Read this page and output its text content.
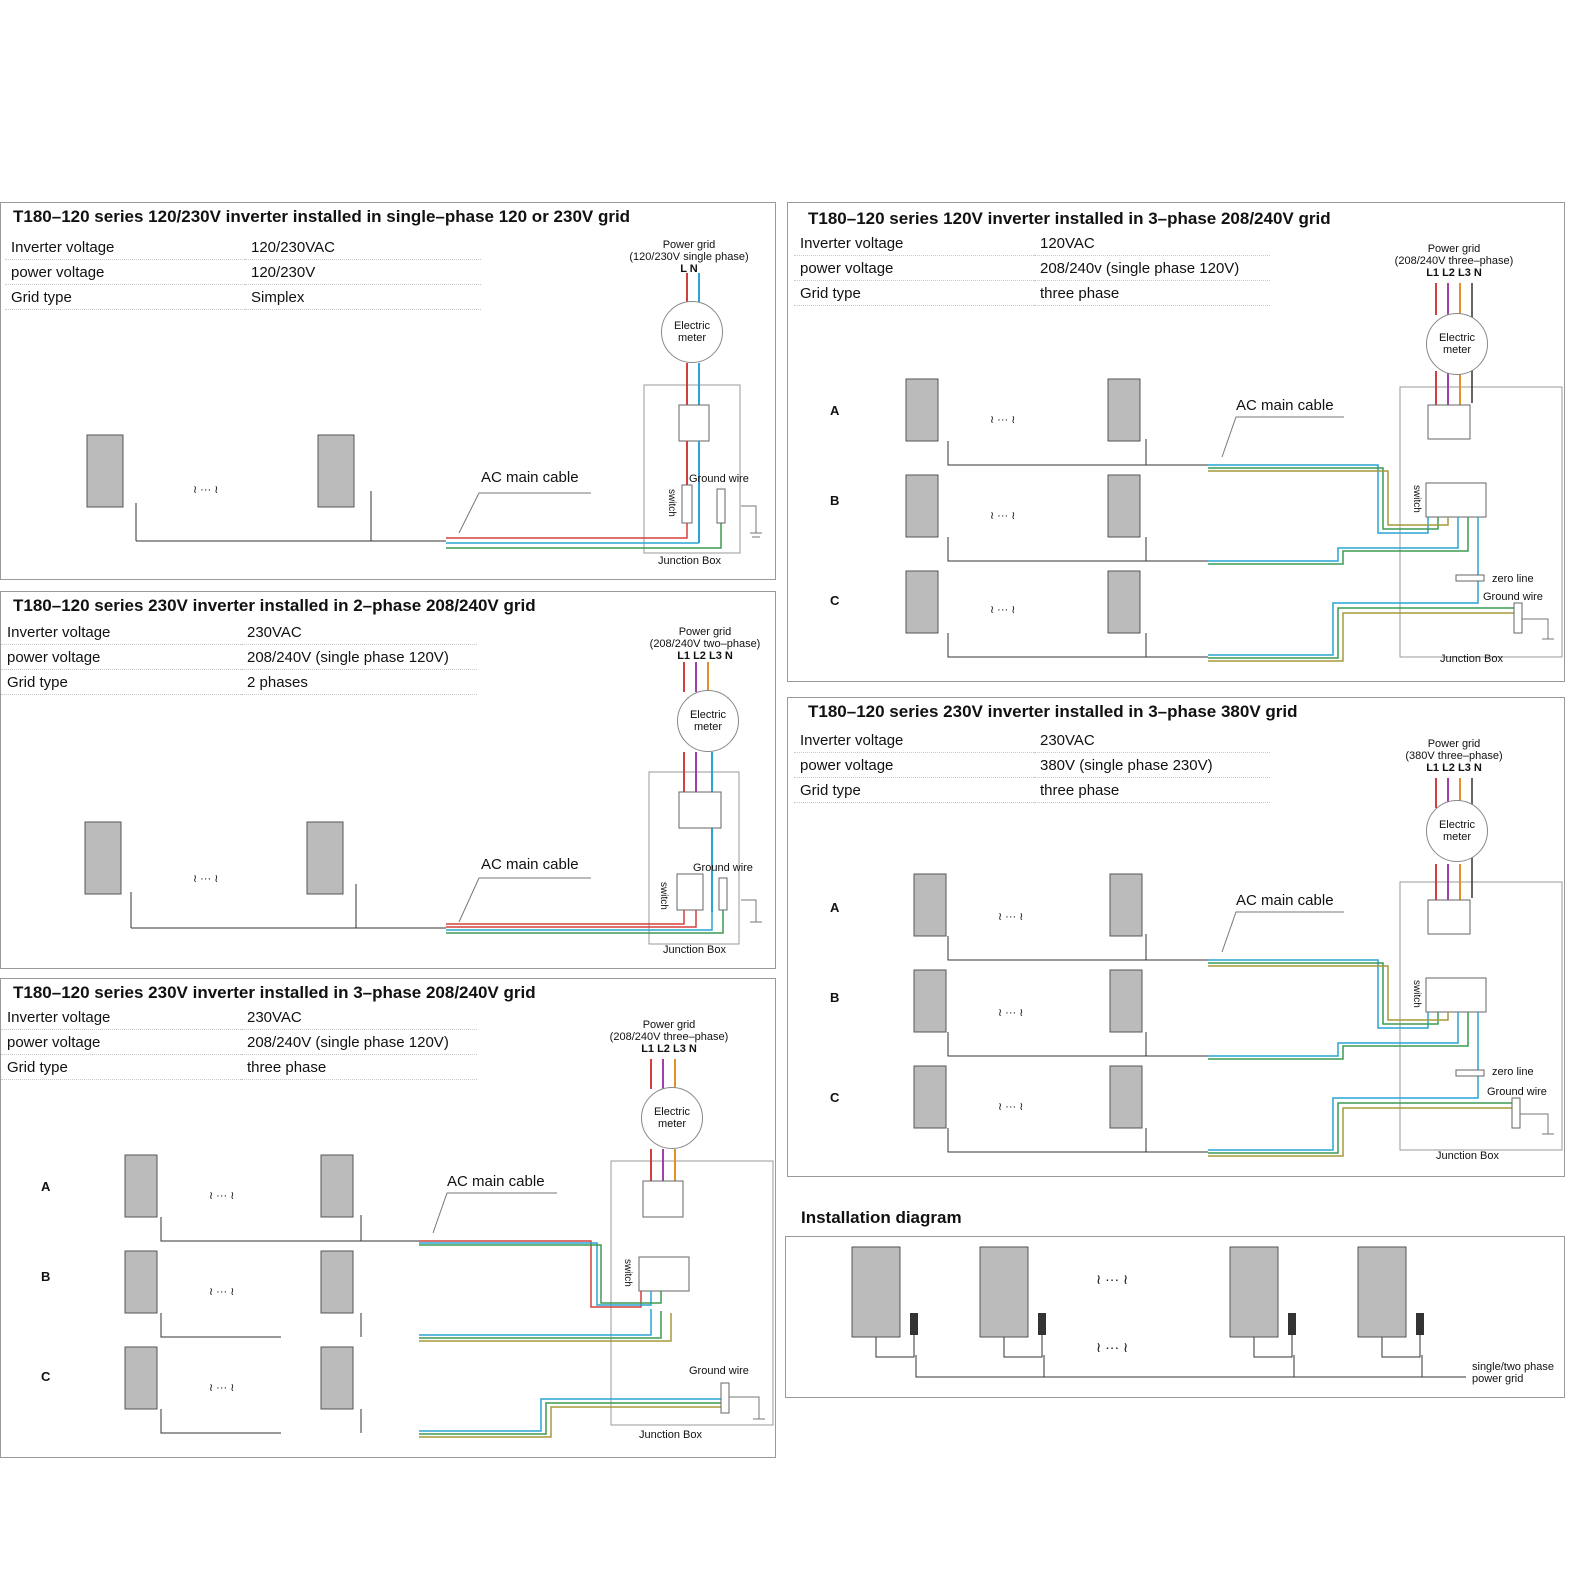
T180–120 series 120/230V inverter installed in single–phase 120 or 230V grid
Inverter voltage	120/230VAC
power voltage	120/230V
Grid type	Simplex
Power grid
(120/230V single phase)
L N
Electric
meter
AC main cable	Ground wire
Junction Box
switch
≀ ··· ≀
T180–120 series 230V inverter installed in 2–phase 208/240V grid
Inverter voltage	230VAC
power voltage	208/240V (single phase 120V)
Grid type	2 phases
Power grid
(208/240V two–phase)
L1 L2 L3 N
Electric
meter
AC main cable	Ground wire
Junction Box
switch
≀ ··· ≀
T180–120 series 230V inverter installed in 3–phase 208/240V grid
Inverter voltage	230VAC
power voltage	208/240V (single phase 120V)
Grid type	three phase
Power grid
(208/240V three–phase)
L1 L2 L3 N
Electric
meter
AC main cable
Ground wire
Junction Box
switch
A
B
C
≀ ··· ≀
≀ ··· ≀
≀ ··· ≀
T180–120 series 120V inverter installed in 3–phase 208/240V grid
Inverter voltage	120VAC
power voltage	208/240v (single phase 120V)
Grid type	three phase
Power grid
(208/240V three–phase)
L1 L2 L3 N
Electric
meter
AC main cable
zero line
Ground wire
Junction Box
switch
A
B
C
≀ ··· ≀
≀ ··· ≀
≀ ··· ≀
T180–120 series 230V inverter installed in 3–phase 380V grid
Inverter voltage	230VAC
power voltage	380V (single phase 230V)
Grid type	three phase
Power grid
(380V three–phase)
L1 L2 L3 N
Electric
meter
AC main cable
zero line
Ground wire
Junction Box
switch
A
B
C
≀ ··· ≀
≀ ··· ≀
≀ ··· ≀
Installation diagram
≀ ··· ≀
≀ ··· ≀
single/two phase
power grid
